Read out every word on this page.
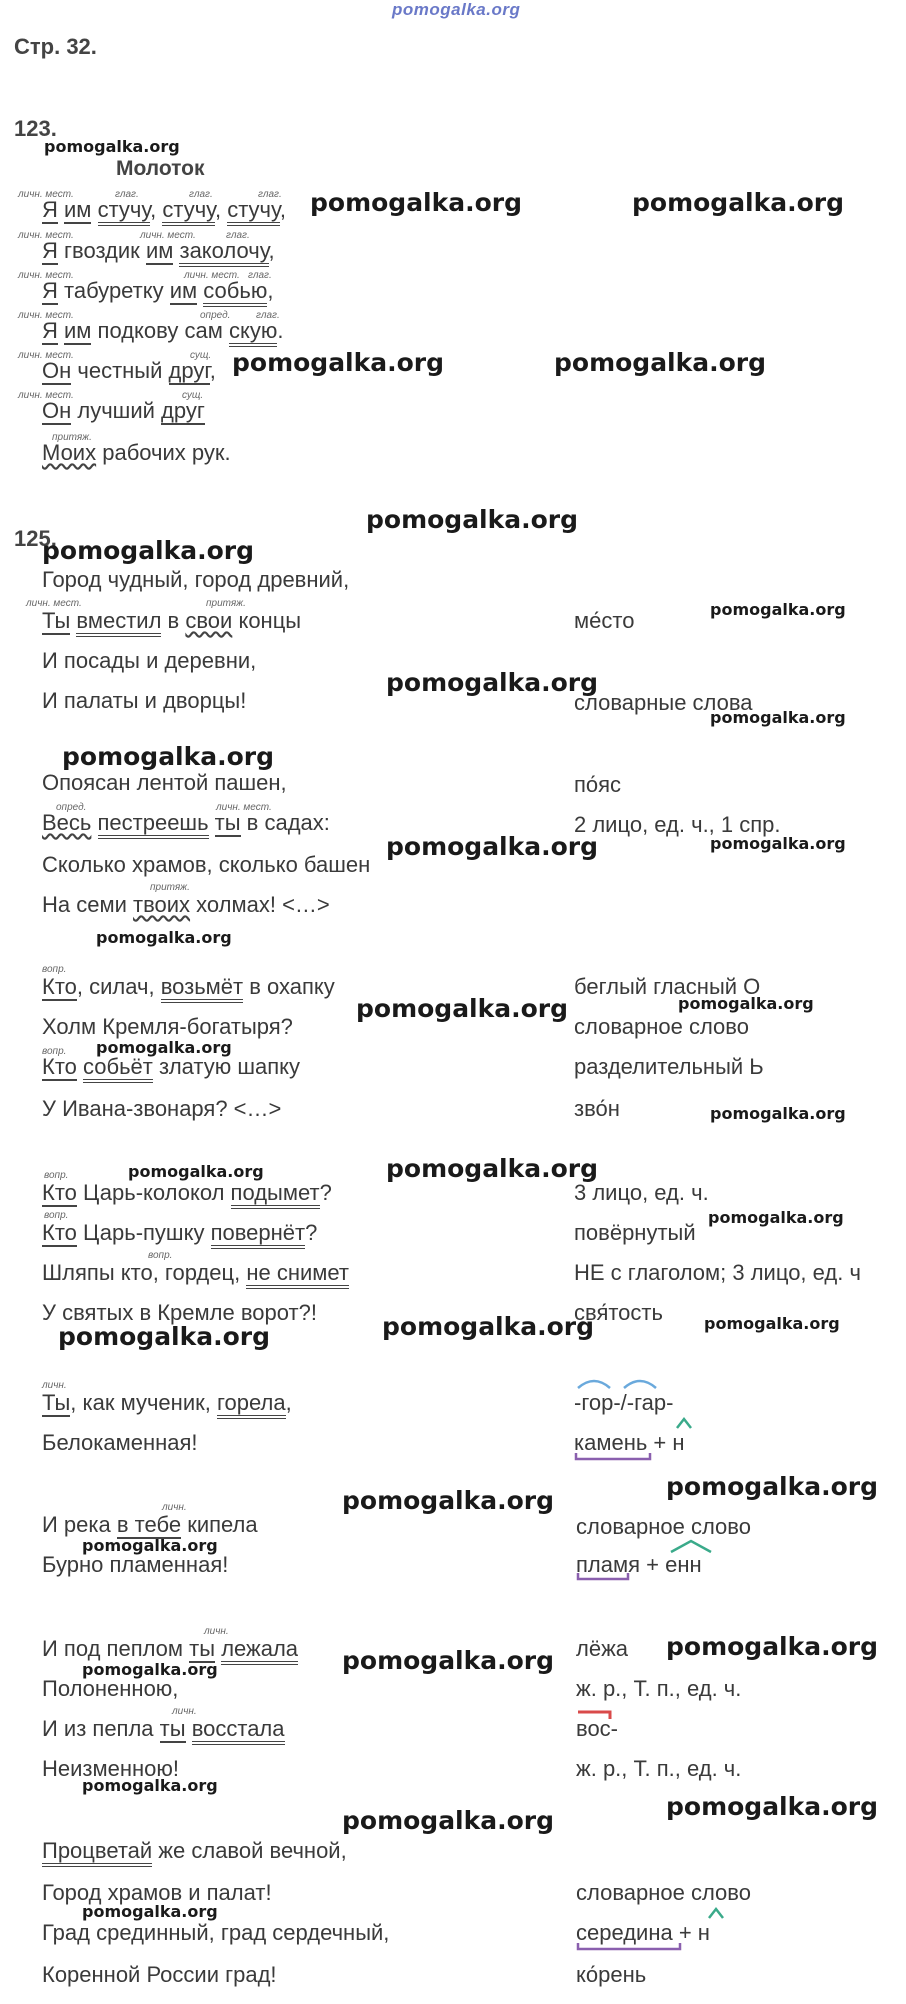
pomogalka.org
Стр. 32.
123.
pomogalka.org
Молоток
личн. мест.	глаг.	глаг.	глаг.
Я им стучу, стучу, стучу, pomogalka.org	pomogalka.org
личн. мест.	личн. мест.	глаг.
Я гвоздик им заколочу,
личн. мест.	личн. мест. глаг.
Я табуретку им собью,
личн. мест.	опред.	глаг.
Я им подкову сам скую.
личн. мест.	сущ.
Он честный друг, pomogalka.org	pomogalka.org
личн. мест.	сущ.
Он лучший друг
притяж.
Моих рабочих рук.
pomogalka.org
125.
pomogalka.org
Город чудный, город древний,
личн. мест.	притяж.
Ты вместил в свои концы	ме́сто	pomogalka.org
И посады и деревни,
pomogalka.org
И палаты и дворцы!	словарные слова
pomogalka.org
pomogalka.org
Опоясан лентой пашен,	по́яс
опред.	личн. мест.
Весь пестреешь ты в садах:	2 лицо, ед. ч., 1 спр.
pomogalka.org
pomogalka.org
Сколько храмов, сколько башен
притяж.
На семи твоих холмах! <…>
pomogalka.org
вопр.
Кто, силач, возьмёт в охапку	беглый гласный О
pomogalka.org	pomogalka.org
Холм Кремля-богатыря?	словарное слово
pomogalka.org
вопр.
Кто собьёт златую шапку	разделительный Ь
У Ивана-звонаря? <…>	зво́н	pomogalka.org
pomogalka.org	pomogalka.org
вопр.
Кто Царь-колокол подымет?	3 лицо, ед. ч.
вопр.
Кто Царь-пушку повернёт?	повёрнутый
pomogalka.org
вопр.
Шляпы кто, гордец, не снимет	НЕ с глаголом; 3 лицо, ед. ч
У святых в Кремле ворот?!	свя́тость
pomogalka.org	pomogalka.org
pomogalka.org
личн.
Ты, как мученик, горела,	-гор-/-гар-
Белокаменная!	камень + н
pomogalka.org
pomogalka.org
личн.
И река в тебе кипела	словарное слово
pomogalka.org
Бурно пламенная!	пламя + енн
личн.
И под пеплом ты лежала	лёжа pomogalka.org
pomogalka.org
pomogalka.org
Полоненною,	ж. р., Т. п., ед. ч.
личн.
И из пепла ты восстала	вос-
Неизменною!	ж. р., Т. п., ед. ч.
pomogalka.org
pomogalka.org
pomogalka.org
Процветай же славой вечной,
Город храмов и палат!	словарное слово
pomogalka.org
Град срединный, град сердечный,	середина + н
Коренной России град!	ко́рень
